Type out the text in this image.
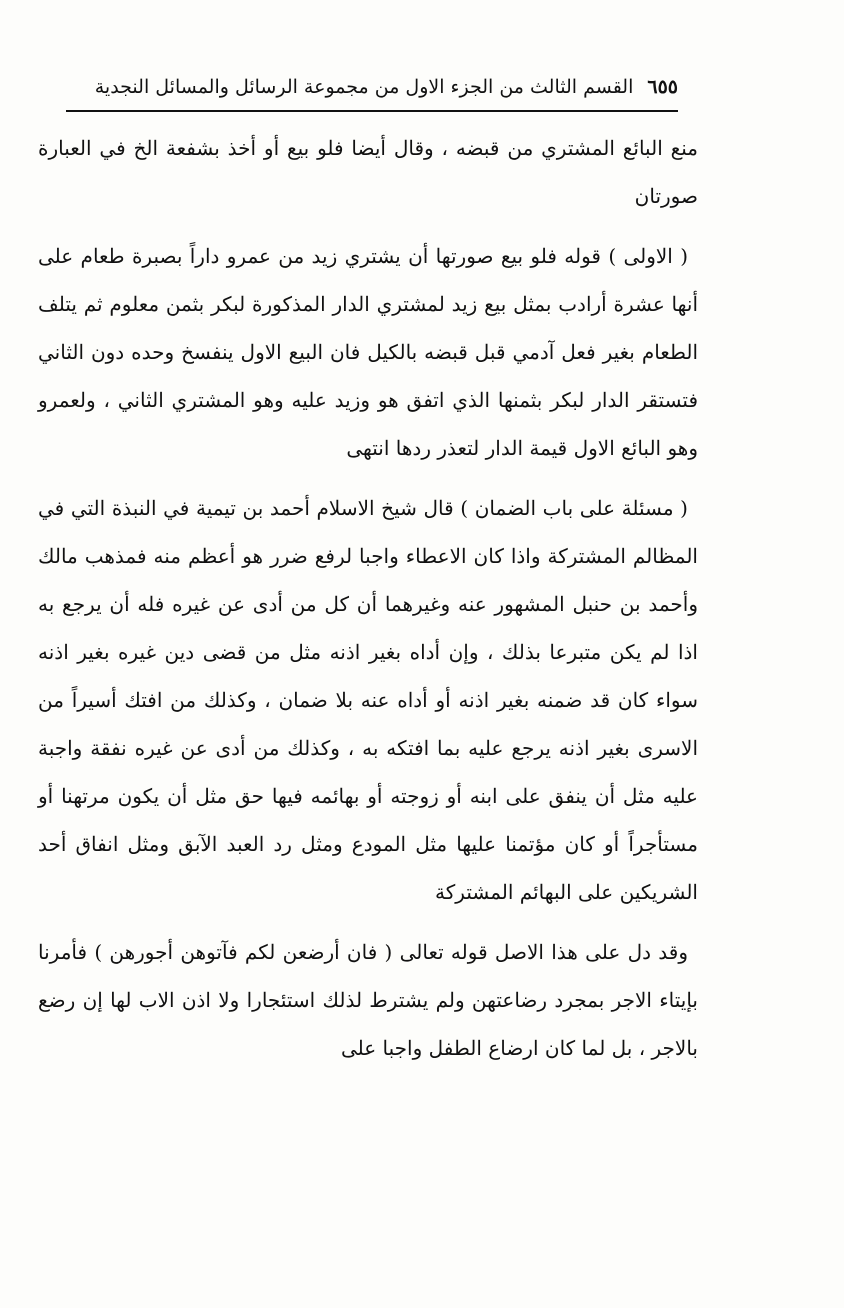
٦٥٥القسم الثالث من الجزء الاول من مجموعة الرسائل والمسائل النجدية

منع البائع المشتري من قبضه ، وقال أيضا فلو بيع أو أخذ بشفعة الخ في العبارة صورتان

( الاولى ) قوله فلو بيع صورتها أن يشتري زيد من عمرو داراً بصبرة طعام على أنها عشرة أرادب بمثل بيع زيد لمشتري الدار المذكورة لبكر بثمن معلوم ثم يتلف الطعام بغير فعل آدمي قبل قبضه بالكيل فان البيع الاول ينفسخ وحده دون الثاني فتستقر الدار لبكر بثمنها الذي اتفق هو وزيد عليه وهو المشتري الثاني ، ولعمرو وهو البائع الاول قيمة الدار لتعذر ردها انتهى

( مسئلة على باب الضمان ) قال شيخ الاسلام أحمد بن تيمية في النبذة التي في المظالم المشتركة واذا كان الاعطاء واجبا لرفع ضرر هو أعظم منه فمذهب مالك وأحمد بن حنبل المشهور عنه وغيرهما أن كل من أدى عن غيره فله أن يرجع به اذا لم يكن متبرعا بذلك ، وإن أداه بغير اذنه مثل من قضى دين غيره بغير اذنه سواء كان قد ضمنه بغير اذنه أو أداه عنه بلا ضمان ، وكذلك من افتك أسيراً من الاسرى بغير اذنه يرجع عليه بما افتكه به ، وكذلك من أدى عن غيره نفقة واجبة عليه مثل أن ينفق على ابنه أو زوجته أو بهائمه فيها حق مثل أن يكون مرتهنا أو مستأجراً أو كان مؤتمنا عليها مثل المودع ومثل رد العبد الآبق ومثل انفاق أحد الشريكين على البهائم المشتركة

وقد دل على هذا الاصل قوله تعالى ( فان أرضعن لكم فآتوهن أجورهن ) فأمرنا بإيتاء الاجر بمجرد رضاعتهن ولم يشترط لذلك استئجارا ولا اذن الاب لها إن رضع بالاجر ، بل لما كان ارضاع الطفل واجبا على
